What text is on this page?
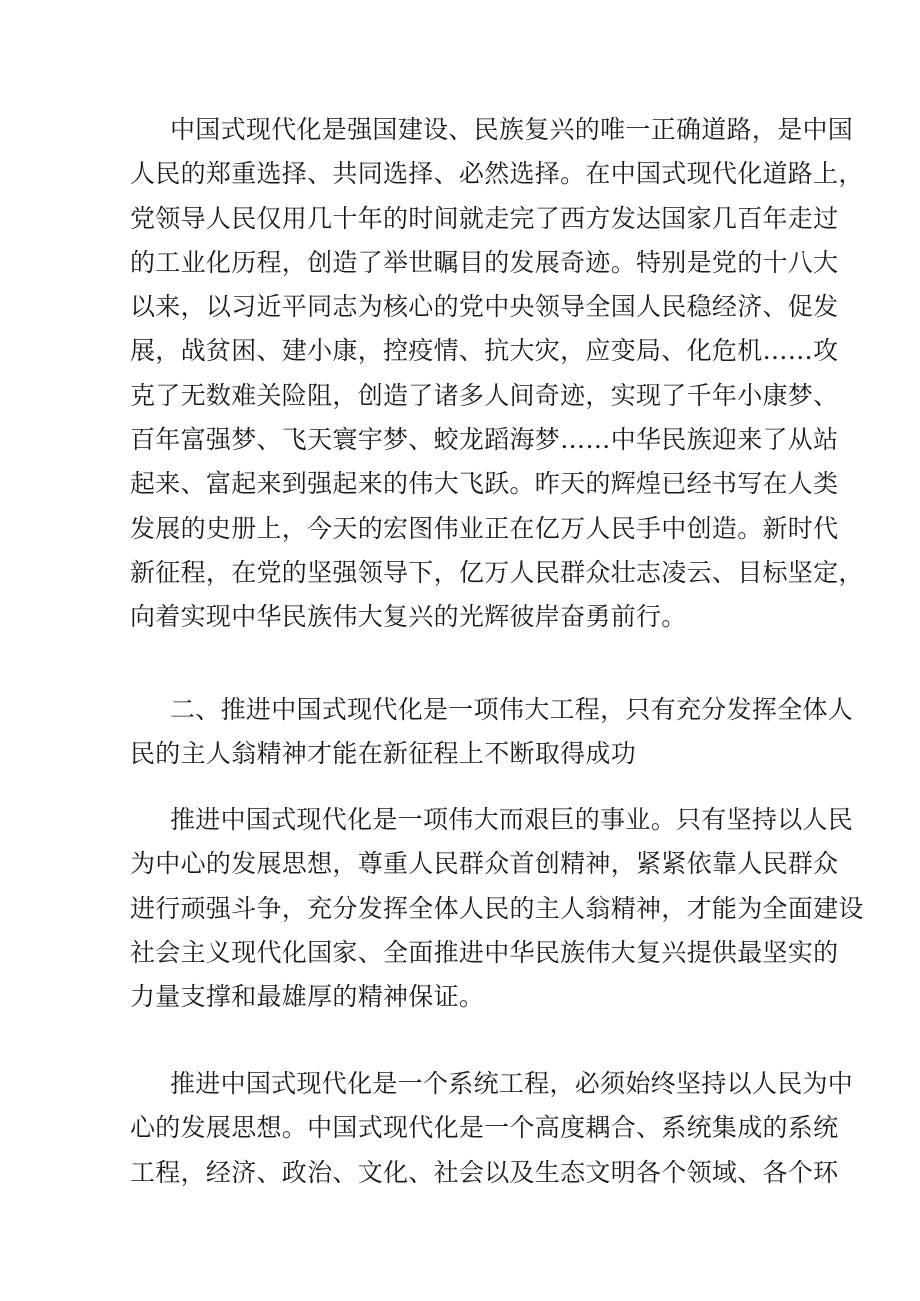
中国式现代化是强国建设、民族复兴的唯一正确道路，是中国
人民的郑重选择、共同选择、必然选择。在中国式现代化道路上，
党领导人民仅用几十年的时间就走完了西方发达国家几百年走过
的工业化历程，创造了举世瞩目的发展奇迹。特别是党的十八大
以来，以习近平同志为核心的党中央领导全国人民稳经济、促发
展，战贫困、建小康，控疫情、抗大灾，应变局、化危机……攻
克了无数难关险阻，创造了诸多人间奇迹，实现了千年小康梦、
百年富强梦、飞天寰宇梦、蛟龙蹈海梦……中华民族迎来了从站
起来、富起来到强起来的伟大飞跃。昨天的辉煌已经书写在人类
发展的史册上，今天的宏图伟业正在亿万人民手中创造。新时代
新征程，在党的坚强领导下，亿万人民群众壮志凌云、目标坚定，
向着实现中华民族伟大复兴的光辉彼岸奋勇前行。

二、推进中国式现代化是一项伟大工程，只有充分发挥全体人
民的主人翁精神才能在新征程上不断取得成功

推进中国式现代化是一项伟大而艰巨的事业。只有坚持以人民
为中心的发展思想，尊重人民群众首创精神，紧紧依靠人民群众
进行顽强斗争，充分发挥全体人民的主人翁精神，才能为全面建设
社会主义现代化国家、全面推进中华民族伟大复兴提供最坚实的
力量支撑和最雄厚的精神保证。

推进中国式现代化是一个系统工程，必须始终坚持以人民为中
心的发展思想。中国式现代化是一个高度耦合、系统集成的系统
工程，经济、政治、文化、社会以及生态文明各个领域、各个环
